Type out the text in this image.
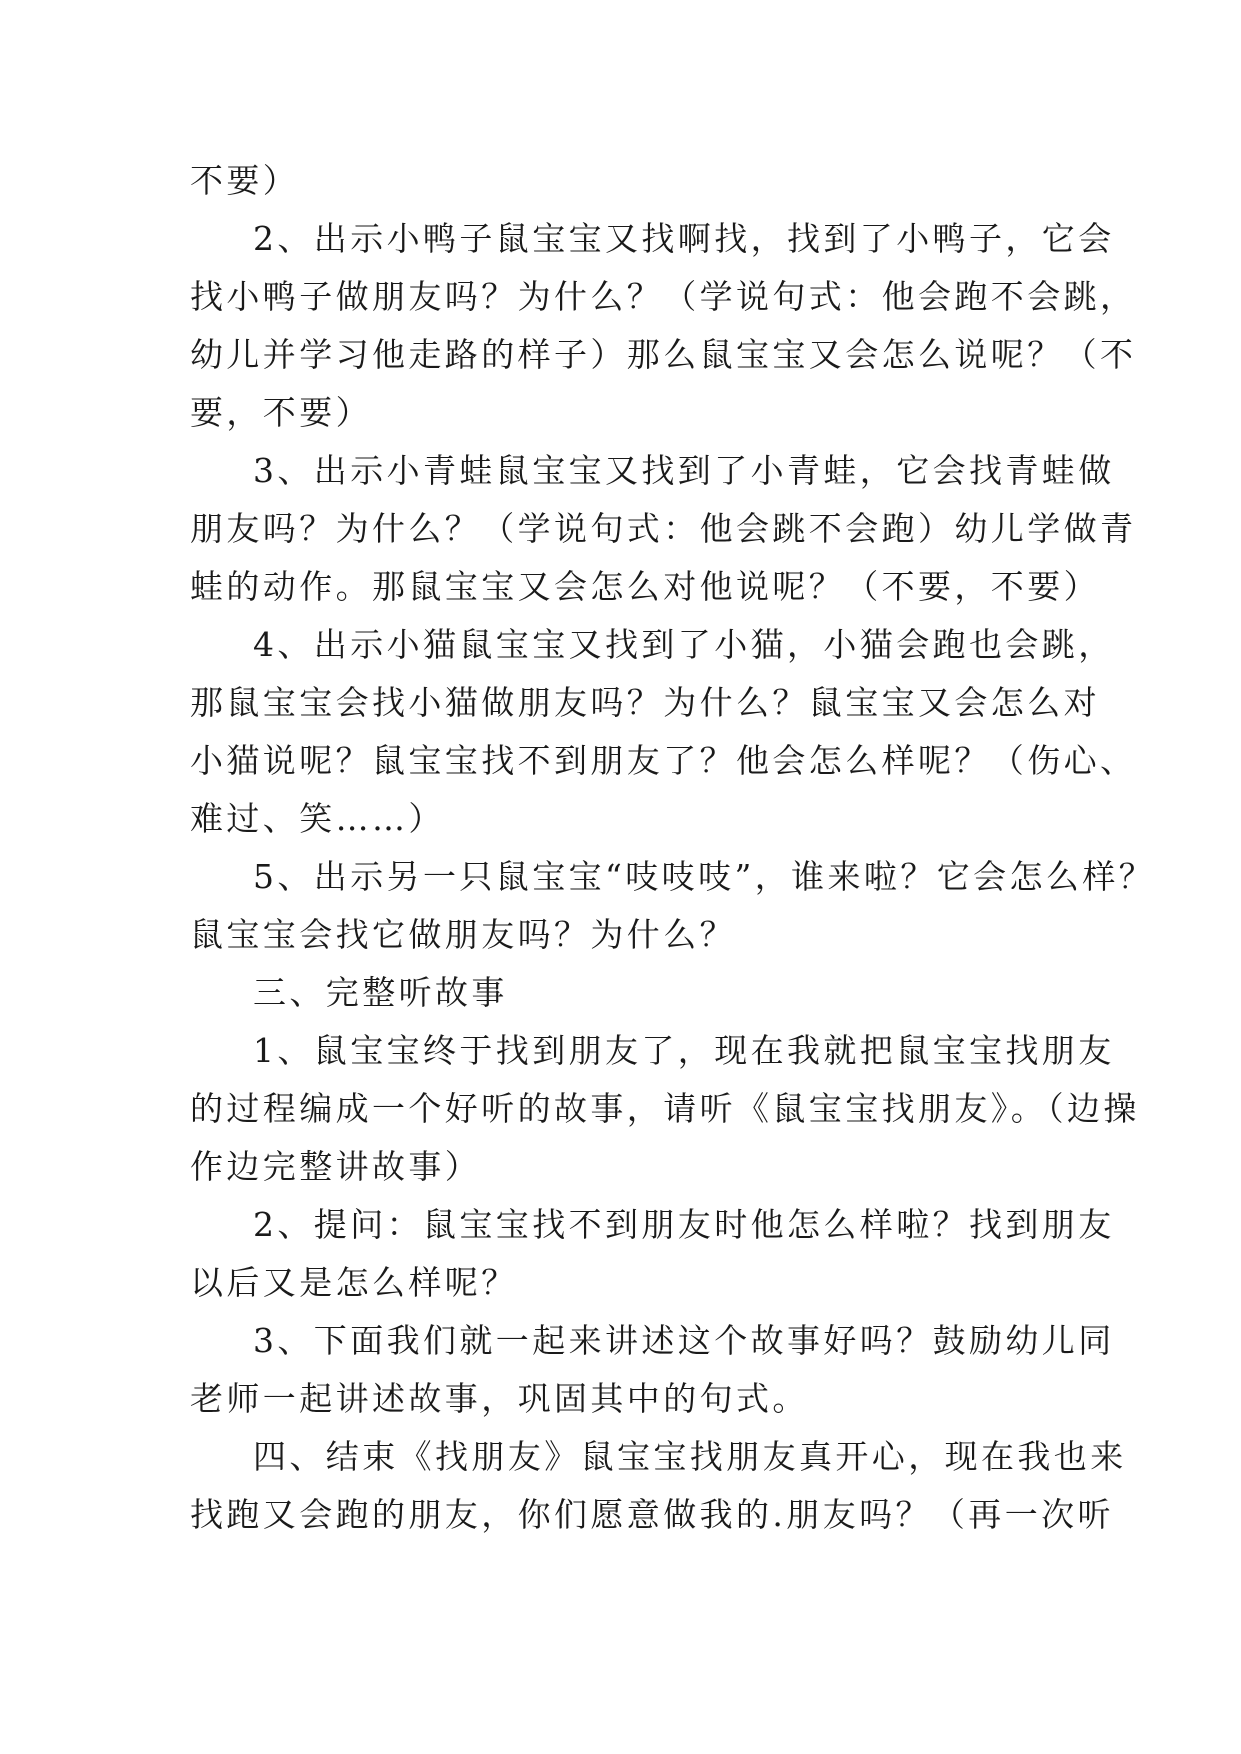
不要）
2、出示小鸭子鼠宝宝又找啊找，找到了小鸭子，它会
找小鸭子做朋友吗？为什么？（学说句式：他会跑不会跳，
幼儿并学习他走路的样子）那么鼠宝宝又会怎么说呢？（不
要，不要）
3、出示小青蛙鼠宝宝又找到了小青蛙，它会找青蛙做
朋友吗？为什么？（学说句式：他会跳不会跑）幼儿学做青
蛙的动作。那鼠宝宝又会怎么对他说呢？（不要，不要）
4、出示小猫鼠宝宝又找到了小猫，小猫会跑也会跳，
那鼠宝宝会找小猫做朋友吗？为什么？鼠宝宝又会怎么对
小猫说呢？鼠宝宝找不到朋友了？他会怎么样呢？（伤心、
难过、笑……）
5、出示另一只鼠宝宝“吱吱吱”，谁来啦？它会怎么样？
鼠宝宝会找它做朋友吗？为什么？
三、完整听故事
1、鼠宝宝终于找到朋友了，现在我就把鼠宝宝找朋友
的过程编成一个好听的故事，请听《鼠宝宝找朋友》。（边操
作边完整讲故事）
2、提问：鼠宝宝找不到朋友时他怎么样啦？找到朋友
以后又是怎么样呢？
3、下面我们就一起来讲述这个故事好吗？鼓励幼儿同
老师一起讲述故事，巩固其中的句式。
四、结束《找朋友》鼠宝宝找朋友真开心，现在我也来
找跑又会跑的朋友，你们愿意做我的.朋友吗？（再一次听
